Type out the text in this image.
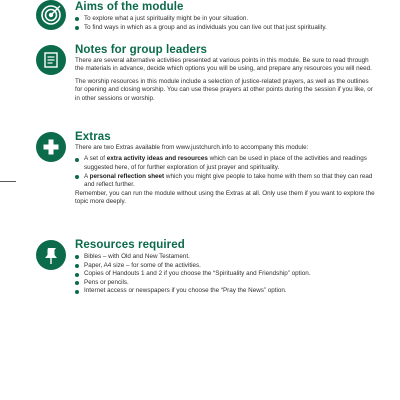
Aims of the module
To explore what a just spirituality might be in your situation.
To find ways in which as a group and as individuals you can live out that just spirituality.
Notes for group leaders

There are several alternative activities presented at various points in this module. Be sure to read through the materials in advance, decide which options you will be using, and prepare any resources you will need.

The worship resources in this module include a selection of justice-related prayers, as well as the outlines for opening and closing worship. You can use these prayers at other points during the session if you like, or in other sessions or worship.

Extras

There are two Extras available from www.justchurch.info to accompany this module:

A set of extra activity ideas and resources which can be used in place of the activities and readings suggested here, of for further exploration of just prayer and spirituality.
A personal reflection sheet which you might give people to take home with them so that they can read and reflect further.

Remember, you can run the module without using the Extras at all. Only use them if you want to explore the topic more deeply.

Resources required
Bibles – with Old and New Testament.
Paper, A4 size – for some of the activities.
Copies of Handouts 1 and 2 if you choose the “Spirituality and Friendship” option.
Pens or pencils.
Internet access or newspapers if you choose the “Pray the News” option.
